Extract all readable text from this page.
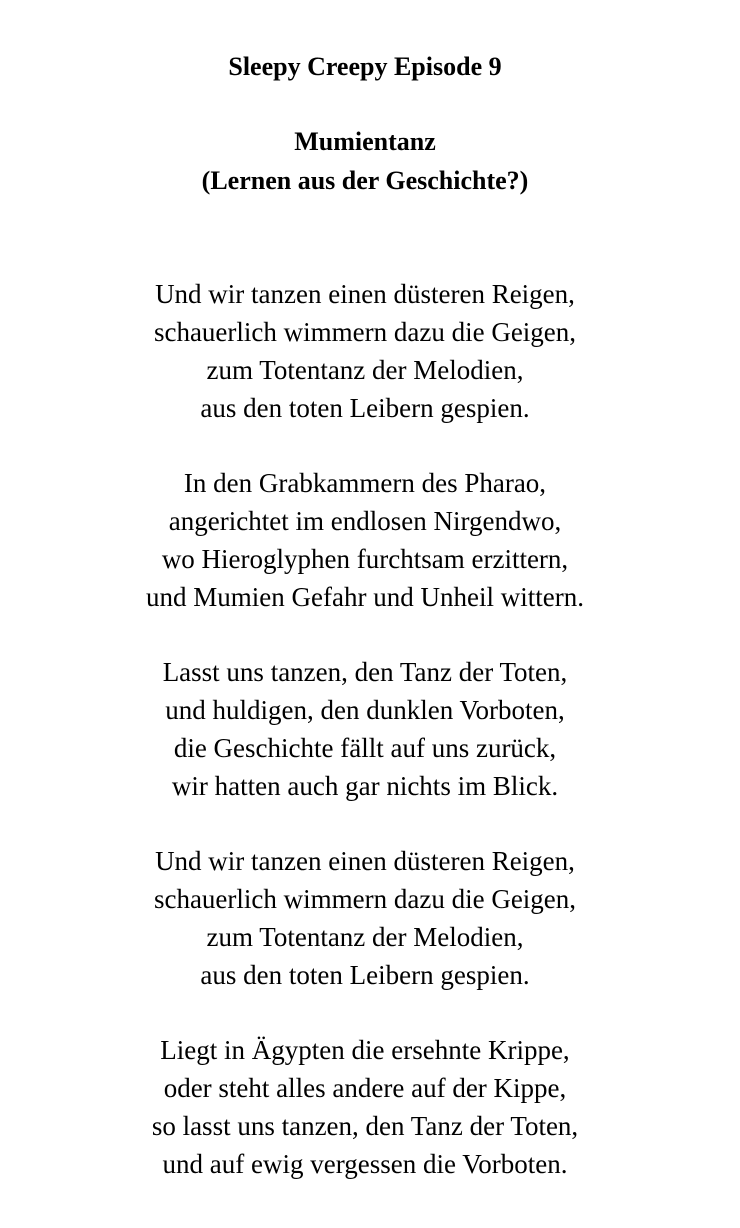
Sleepy Creepy Episode 9
Mumientanz
(Lernen aus der Geschichte?)
Und wir tanzen einen düsteren Reigen,
schauerlich wimmern dazu die Geigen,
zum Totentanz der Melodien,
aus den toten Leibern gespien.
In den Grabkammern des Pharao,
angerichtet im endlosen Nirgendwo,
wo Hieroglyphen furchtsam erzittern,
und Mumien Gefahr und Unheil wittern.
Lasst uns tanzen, den Tanz der Toten,
und huldigen, den dunklen Vorboten,
die Geschichte fällt auf uns zurück,
wir hatten auch gar nichts im Blick.
Und wir tanzen einen düsteren Reigen,
schauerlich wimmern dazu die Geigen,
zum Totentanz der Melodien,
aus den toten Leibern gespien.
Liegt in Ägypten die ersehnte Krippe,
oder steht alles andere auf der Kippe,
so lasst uns tanzen, den Tanz der Toten,
und auf ewig vergessen die Vorboten.
